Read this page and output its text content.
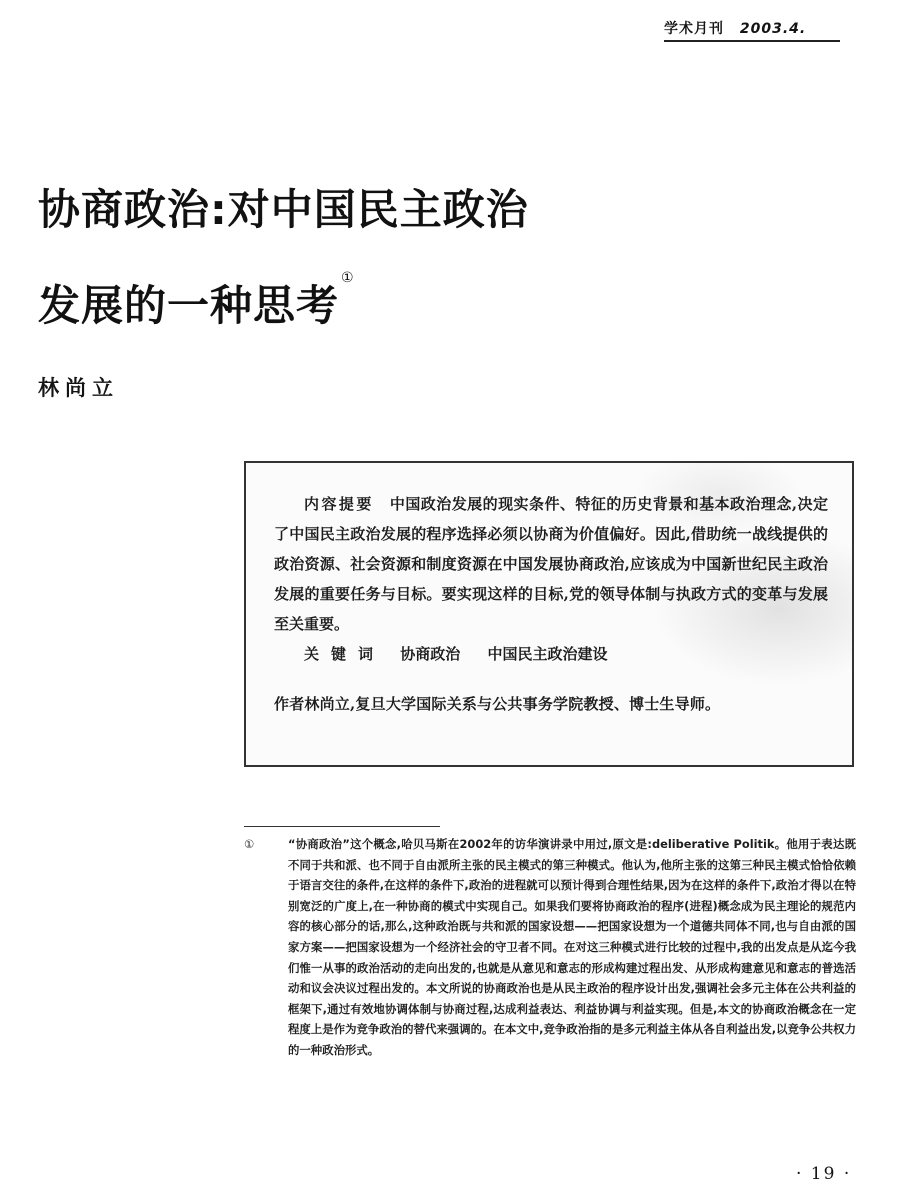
学术月刊 2003.4.
协商政治:对中国民主政治
发展的一种思考①
林尚立

内容提要 中国政治发展的现实条件、特征的历史背景和基本政治理念,决定了中国民主政治发展的程序选择必须以协商为价值偏好。因此,借助统一战线提供的政治资源、社会资源和制度资源在中国发展协商政治,应该成为中国新世纪民主政治发展的重要任务与目标。要实现这样的目标,党的领导体制与执政方式的变革与发展至关重要。

关键词 协商政治 中国民主政治建设

作者林尚立,复旦大学国际关系与公共事务学院教授、博士生导师。

①	“协商政治”这个概念,哈贝马斯在2002年的访华演讲录中用过,原文是:deliberative Politik。他用于表达既不同于共和派、也不同于自由派所主张的民主模式的第三种模式。他认为,他所主张的这第三种民主模式恰恰依赖于语言交往的条件,在这样的条件下,政治的进程就可以预计得到合理性结果,因为在这样的条件下,政治才得以在特别宽泛的广度上,在一种协商的模式中实现自己。如果我们要将协商政治的程序(进程)概念成为民主理论的规范内容的核心部分的话,那么,这种政治既与共和派的国家设想——把国家设想为一个道德共同体不同,也与自由派的国家方案——把国家设想为一个经济社会的守卫者不同。在对这三种模式进行比较的过程中,我的出发点是从迄今我们惟一从事的政治活动的走向出发的,也就是从意见和意志的形成构建过程出发、从形成构建意见和意志的普选活动和议会决议过程出发的。本文所说的协商政治也是从民主政治的程序设计出发,强调社会多元主体在公共利益的框架下,通过有效地协调体制与协商过程,达成利益表达、利益协调与利益实现。但是,本文的协商政治概念在一定程度上是作为竞争政治的替代来强调的。在本文中,竞争政治指的是多元利益主体从各自利益出发,以竞争公共权力的一种政治形式。
· 19 ·
